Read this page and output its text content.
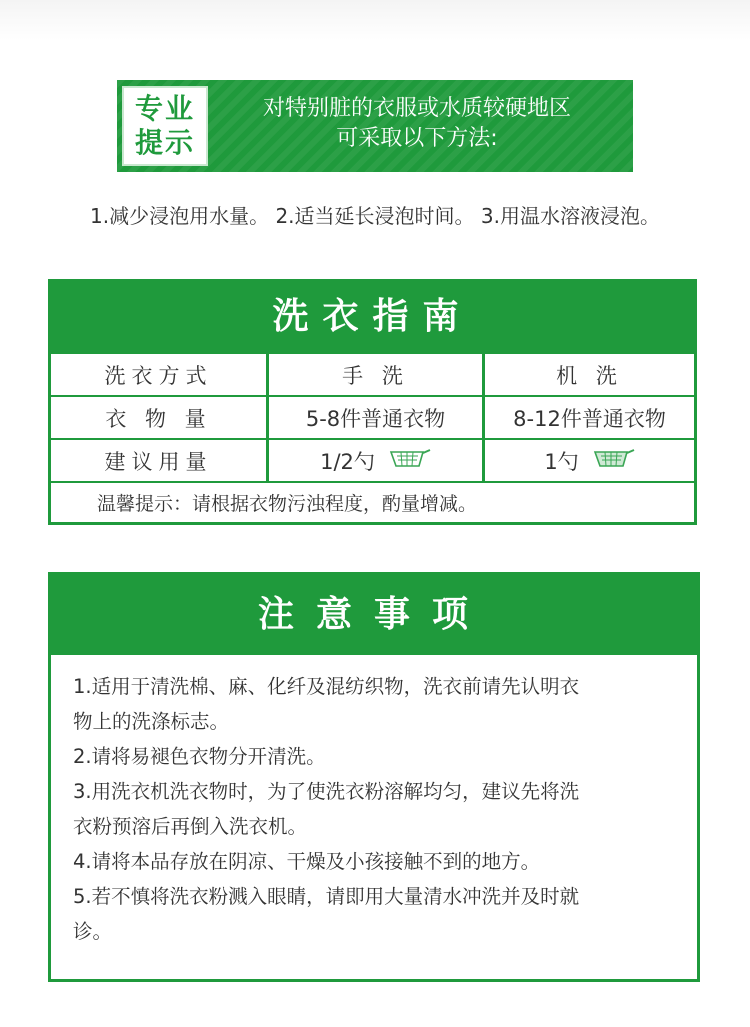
专业
提示
对特别脏的衣服或水质较硬地区
可采取以下方法:
1.减少浸泡用水量。 2.适当延长浸泡时间。 3.用温水溶液浸泡。
洗衣指南
洗衣方式	手 洗	机 洗
衣 物 量	5-8件普通衣物	8-12件普通衣物
建议用量	1/2勺	1勺
温馨提示：请根据衣物污浊程度，酌量增减。
注意事项
1.适用于清洗棉、麻、化纤及混纺织物，洗衣前请先认明衣
物上的洗涤标志。
2.请将易褪色衣物分开清洗。
3.用洗衣机洗衣物时，为了使洗衣粉溶解均匀，建议先将洗
衣粉预溶后再倒入洗衣机。
4.请将本品存放在阴凉、干燥及小孩接触不到的地方。
5.若不慎将洗衣粉溅入眼睛，请即用大量清水冲洗并及时就
诊。
